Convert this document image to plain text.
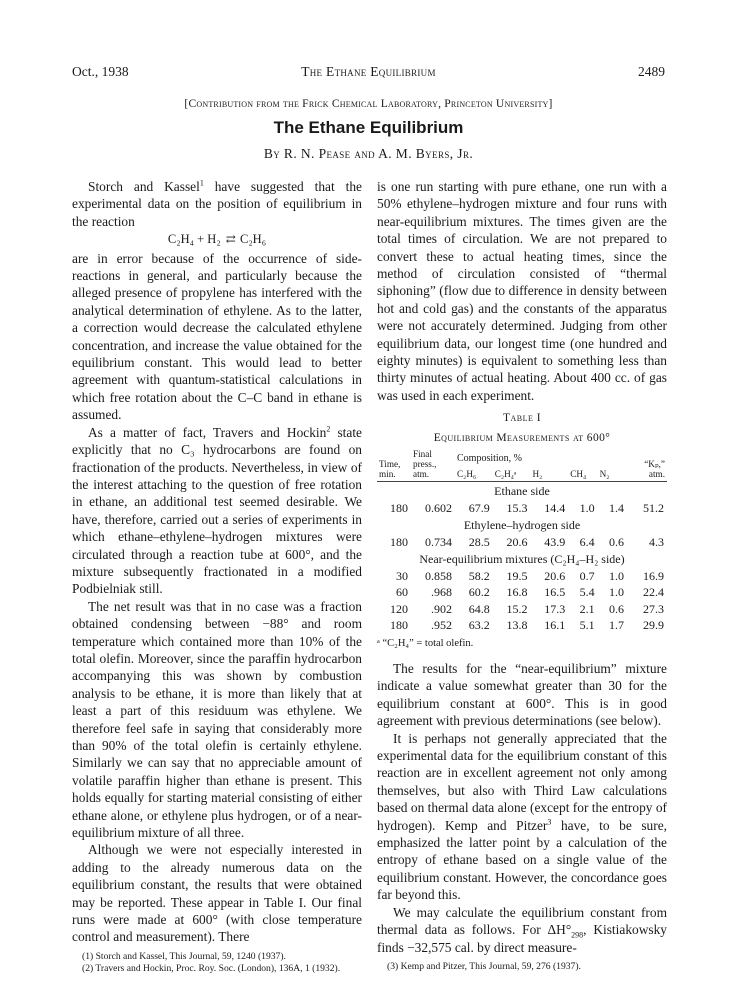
Oct., 1938	The Ethane Equilibrium	2489
[Contribution from the Frick Chemical Laboratory, Princeton University]
The Ethane Equilibrium
By R. N. Pease and A. M. Byers, Jr.

Storch and Kassel$^1$ have suggested that the experimental data on the position of equilibrium in the reaction

C₂H₄ + H₂ ⇄ C₂H₆

are in error because of the occurrence of side-reactions in general, and particularly because the alleged presence of propylene has interfered with the analytical determination of ethylene. As to the latter, a correction would decrease the calculated ethylene concentration, and increase the value obtained for the equilibrium constant. This would lead to better agreement with quantum-statistical calculations in which free rotation about the C–C band in ethane is assumed.

As a matter of fact, Travers and Hockin$^2$ state explicitly that no C₃ hydrocarbons are found on fractionation of the products. Nevertheless, in view of the interest attaching to the question of free rotation in ethane, an additional test seemed desirable. We have, therefore, carried out a series of experiments in which ethane–ethylene–hydrogen mixtures were circulated through a reaction tube at 600°, and the mixture subsequently fractionated in a modified Podbielniak still.

The net result was that in no case was a fraction obtained condensing between −88° and room temperature which contained more than 10% of the total olefin. Moreover, since the paraffin hydrocarbon accompanying this was shown by combustion analysis to be ethane, it is more than likely that at least a part of this residuum was ethylene. We therefore feel safe in saying that considerably more than 90% of the total olefin is certainly ethylene. Similarly we can say that no appreciable amount of volatile paraffin higher than ethane is present. This holds equally for starting material consisting of either ethane alone, or ethylene plus hydrogen, or of a near-equilibrium mixture of all three.

Although we were not especially interested in adding to the already numerous data on the equilibrium constant, the results that were obtained may be reported. These appear in Table I. Our final runs were made at 600° (with close temperature control and measurement). There

(1) Storch and Kassel, This Journal, 59, 1240 (1937).
(2) Travers and Hockin, Proc. Roy. Soc. (London), 136A, 1 (1932).

is one run starting with pure ethane, one run with a 50% ethylene–hydrogen mixture and four runs with near-equilibrium mixtures. The times given are the total times of circulation. We are not prepared to convert these to actual heating times, since the method of circulation consisted of “thermal siphoning” (flow due to difference in density between hot and cold gas) and the constants of the apparatus were not accurately determined. Judging from other equilibrium data, our longest time (one hundred and eighty minutes) is equivalent to something less than thirty minutes of actual heating. About 400 cc. of gas was used in each experiment.

Table I
Equilibrium Measurements at 600°
Time, min.	Final press., atm.	Composition, %					“Kₚ,” atm.
		C₂H₆	C₂H₄ᵃ	H₂	CH₄	N₂	
Ethane side							
180	0.602	67.9	15.3	14.4	1.0	1.4	51.2
Ethylene–hydrogen side							
180	0.734	28.5	20.6	43.9	6.4	0.6	4.3
Near-equilibrium mixtures (C₂H₄–H₂ side)							
30	0.858	58.2	19.5	20.6	0.7	1.0	16.9
60	.968	60.2	16.8	16.5	5.4	1.0	22.4
120	.902	64.8	15.2	17.3	2.1	0.6	27.3
180	.952	63.2	13.8	16.1	5.1	1.7	29.9
ᵃ “C₂H₄” = total olefin.

The results for the “near-equilibrium” mixture indicate a value somewhat greater than 30 for the equilibrium constant at 600°. This is in good agreement with previous determinations (see below).

It is perhaps not generally appreciated that the experimental data for the equilibrium constant of this reaction are in excellent agreement not only among themselves, but also with Third Law calculations based on thermal data alone (except for the entropy of hydrogen). Kemp and Pitzer$^3$ have, to be sure, emphasized the latter point by a calculation of the entropy of ethane based on a single value of the equilibrium constant. However, the concordance goes far beyond this.

We may calculate the equilibrium constant from thermal data as follows. For $\Delta H^\circ_{298}$, Kistiakowsky finds −32,575 cal. by direct measure-

(3) Kemp and Pitzer, This Journal, 59, 276 (1937).
